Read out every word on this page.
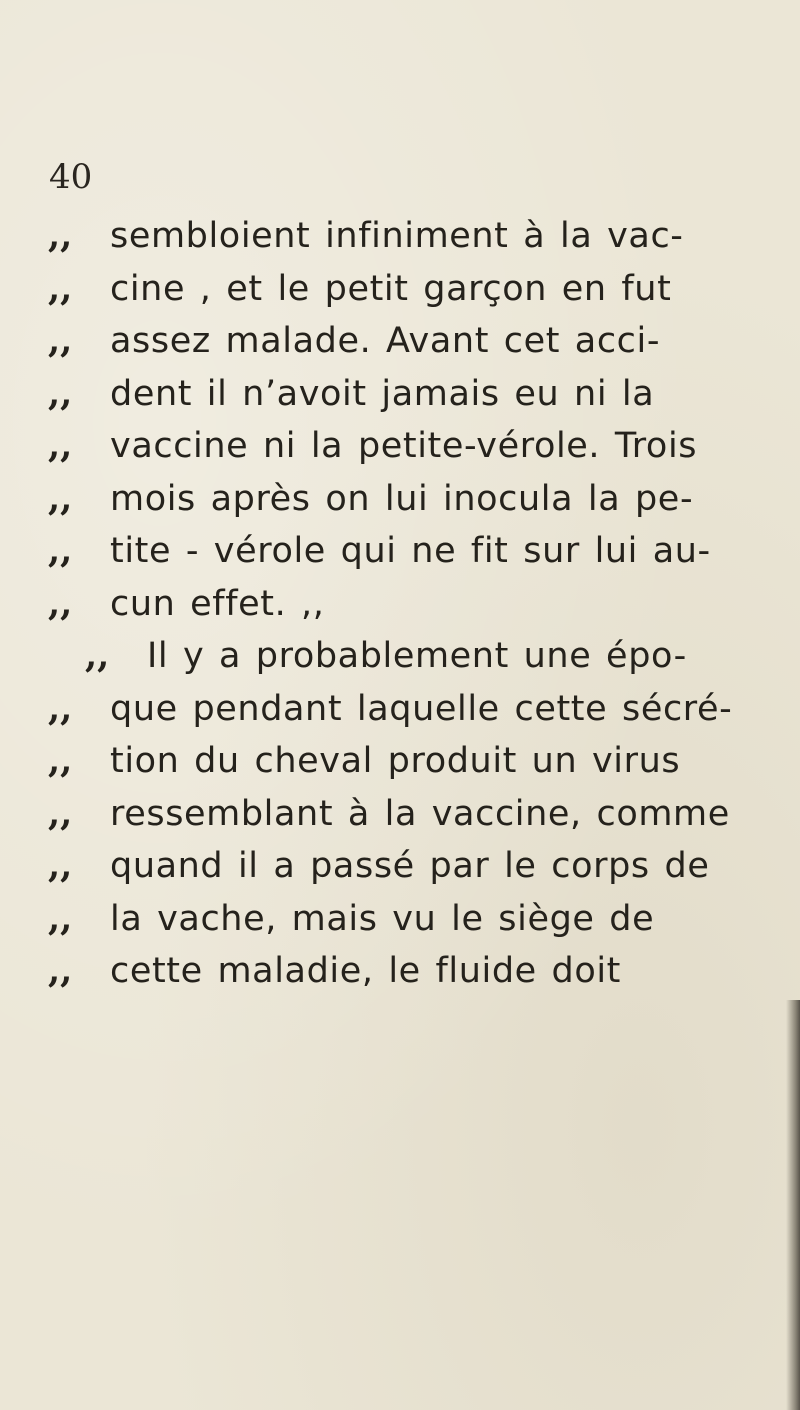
40
,, sembloient infiniment à la vac-
,, cine , et le petit garçon en fut
,, assez malade. Avant cet acci-
,, dent il n’avoit jamais eu ni la
,, vaccine ni la petite-vérole. Trois
,, mois après on lui inocula la pe-
,, tite - vérole qui ne fit sur lui au-
,, cun effet. ,,
,, Il y a probablement une épo-
,, que pendant laquelle cette sécré-
,, tion du cheval produit un virus
,, ressemblant à la vaccine, comme
,, quand il a passé par le corps de
,, la vache, mais vu le siège de
,, cette maladie, le fluide doit
